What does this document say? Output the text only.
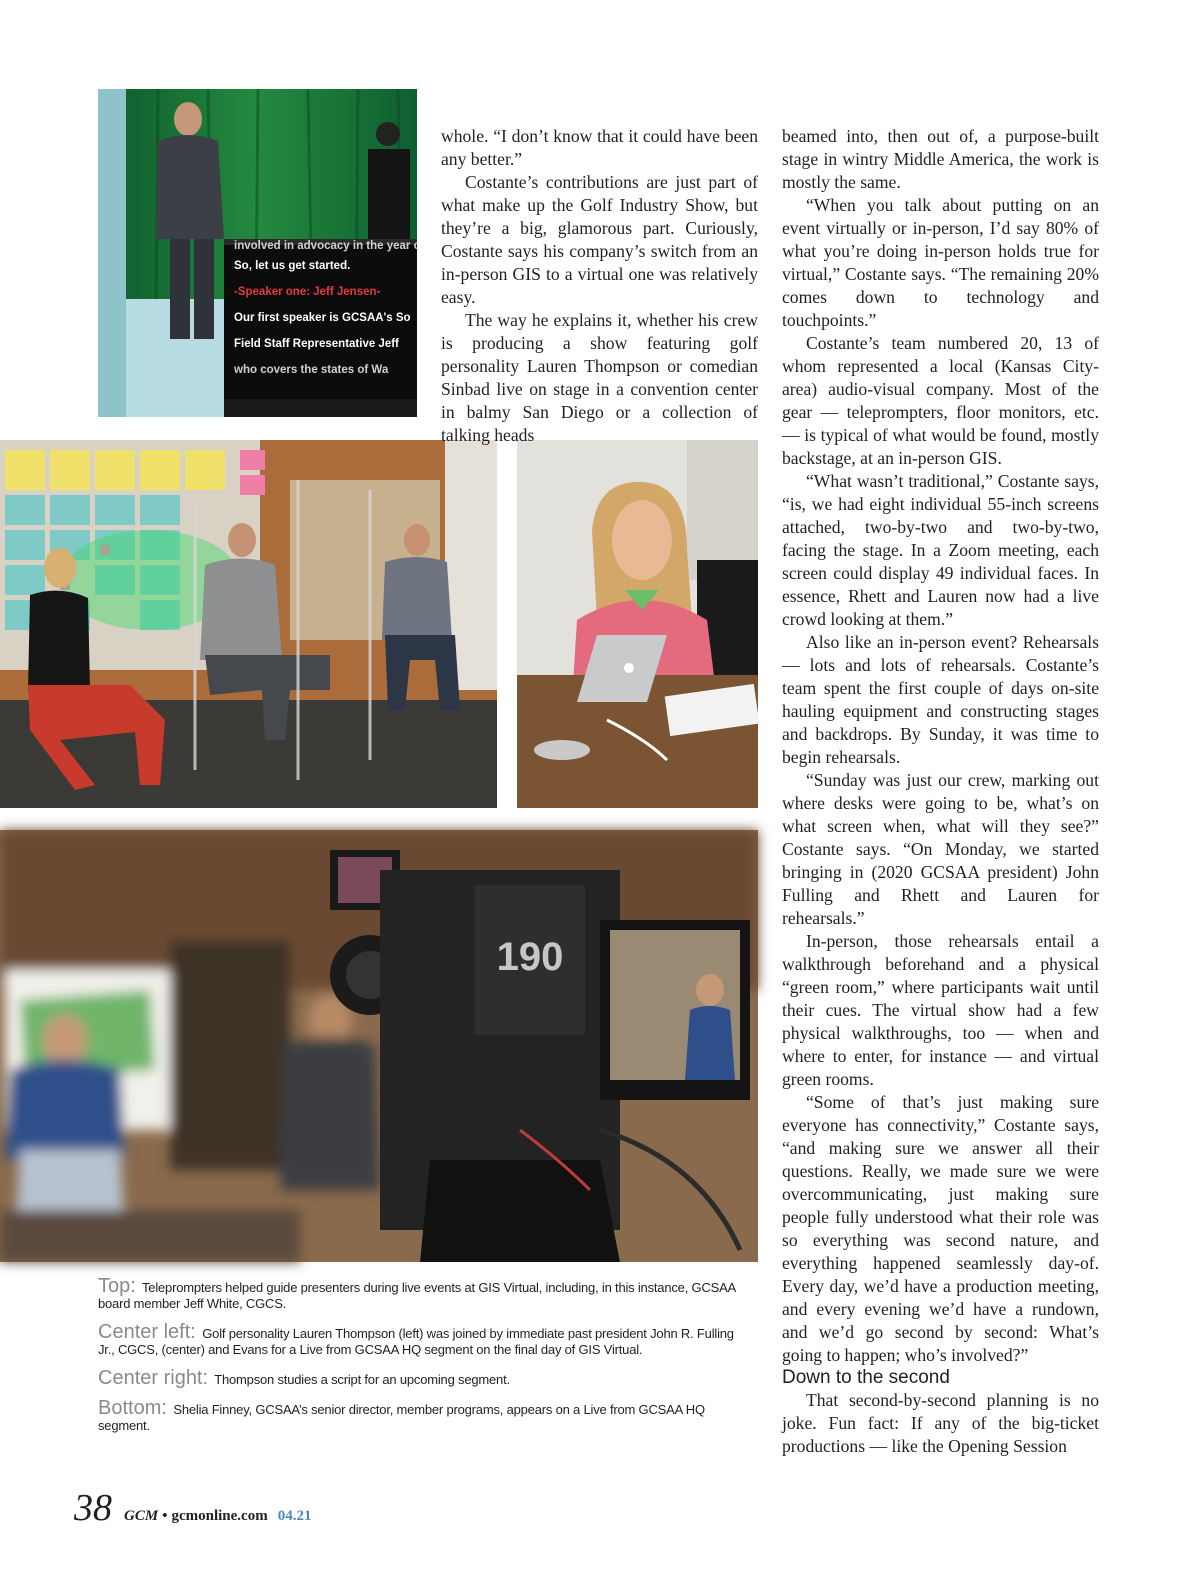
involved in advocacy in the year o
So, let us get started.
-Speaker one: Jeff Jensen-
Our first speaker is GCSAA's So
Field Staff Representative Jeff
190

whole. “I don’t know that it could have been any better.”

Costante’s contributions are just part of what make up the Golf Industry Show, but they’re a big, glamorous part. Curiously, Costante says his company’s switch from an in-person GIS to a virtual one was relatively easy.

The way he explains it, whether his crew is producing a show featuring golf personality Lauren Thompson or comedian Sinbad live on stage in a convention center in balmy San Diego or a collection of talking heads

beamed into, then out of, a purpose-built stage in wintry Middle America, the work is mostly the same.

“When you talk about putting on an event virtually or in-person, I’d say 80% of what you’re doing in-person holds true for virtual,” Costante says. “The remaining 20% comes down to technology and touchpoints.”

Costante’s team numbered 20, 13 of whom represented a local (Kansas City-area) audio-visual company. Most of the gear — teleprompters, floor monitors, etc. — is typical of what would be found, mostly backstage, at an in-person GIS.

“What wasn’t traditional,” Costante says, “is, we had eight individual 55-inch screens attached, two-by-two and two-by-two, facing the stage. In a Zoom meeting, each screen could display 49 individual faces. In essence, Rhett and Lauren now had a live crowd looking at them.”

Also like an in-person event? Rehearsals — lots and lots of rehearsals. Costante’s team spent the first couple of days on-site hauling equipment and constructing stages and backdrops. By Sunday, it was time to begin rehearsals.

“Sunday was just our crew, marking out where desks were going to be, what’s on what screen when, what will they see?” Costante says. “On Monday, we started bringing in (2020 GCSAA president) John Fulling and Rhett and Lauren for rehearsals.”

In-person, those rehearsals entail a walkthrough beforehand and a physical “green room,” where participants wait until their cues. The virtual show had a few physical walkthroughs, too — when and where to enter, for instance — and virtual green rooms.

“Some of that’s just making sure everyone has connectivity,” Costante says, “and making sure we answer all their questions. Really, we made sure we were overcommunicating, just making sure people fully understood what their role was so everything was second nature, and everything happened seamlessly day-of. Every day, we’d have a production meeting, and every evening we’d have a rundown, and we’d go second by second: What’s going to happen; who’s involved?”

Down to the second

That second-by-second planning is no joke. Fun fact: If any of the big-ticket productions — like the Opening Session

Top: Teleprompters helped guide presenters during live events at GIS Virtual, including, in this instance, GCSAA board member Jeff White, CGCS.

Center left: Golf personality Lauren Thompson (left) was joined by immediate past president John R. Fulling Jr., CGCS, (center) and Evans for a Live from GCSAA HQ segment on the final day of GIS Virtual.

Center right: Thompson studies a script for an upcoming segment.

Bottom: Shelia Finney, GCSAA’s senior director, member programs, appears on a Live from GCSAA HQ segment.

38 GCM • gcmonline.com 04.21
